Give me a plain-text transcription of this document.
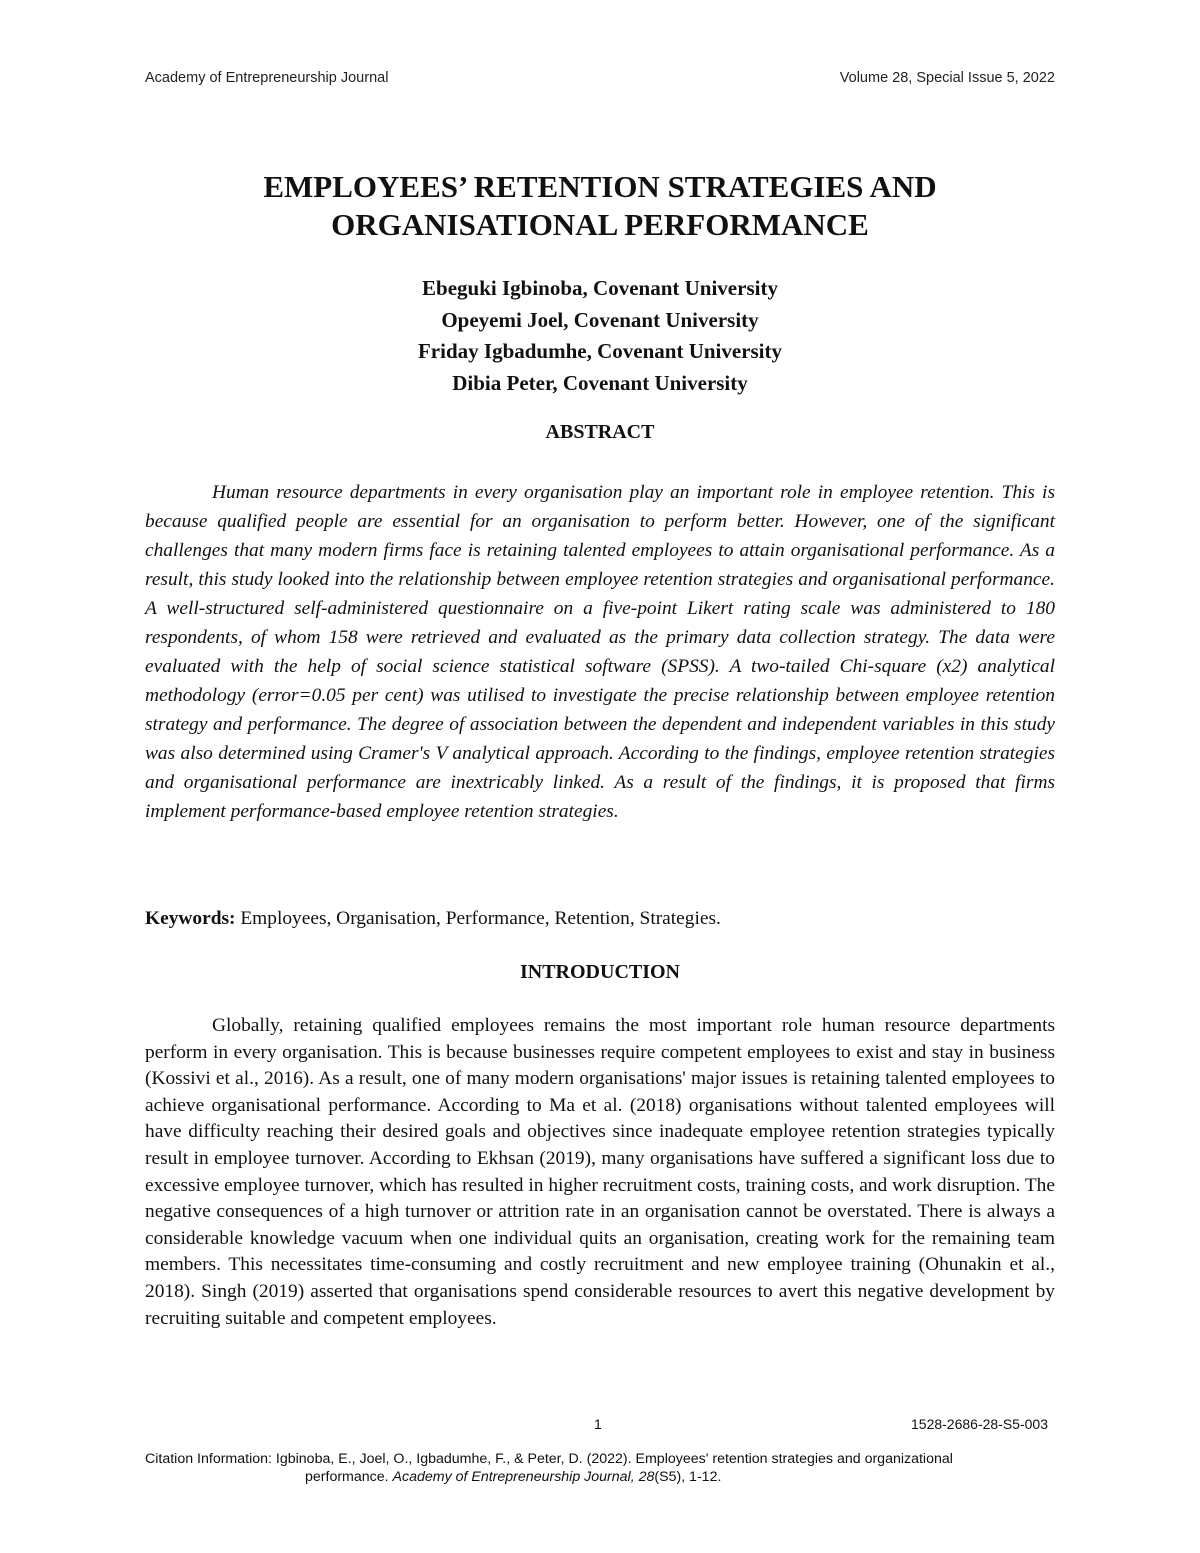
Academy of Entrepreneurship Journal	Volume 28, Special Issue 5, 2022
EMPLOYEES’ RETENTION STRATEGIES AND
ORGANISATIONAL PERFORMANCE
Ebeguki Igbinoba, Covenant University
Opeyemi Joel, Covenant University
Friday Igbadumhe, Covenant University
Dibia Peter, Covenant University
ABSTRACT

Human resource departments in every organisation play an important role in employee retention. This is because qualified people are essential for an organisation to perform better. However, one of the significant challenges that many modern firms face is retaining talented employees to attain organisational performance. As a result, this study looked into the relationship between employee retention strategies and organisational performance. A well-structured self-administered questionnaire on a five-point Likert rating scale was administered to 180 respondents, of whom 158 were retrieved and evaluated as the primary data collection strategy. The data were evaluated with the help of social science statistical software (SPSS). A two-tailed Chi-square (x2) analytical methodology (error=0.05 per cent) was utilised to investigate the precise relationship between employee retention strategy and performance. The degree of association between the dependent and independent variables in this study was also determined using Cramer's V analytical approach. According to the findings, employee retention strategies and organisational performance are inextricably linked. As a result of the findings, it is proposed that firms implement performance-based employee retention strategies.

Keywords: Employees, Organisation, Performance, Retention, Strategies.

INTRODUCTION

Globally, retaining qualified employees remains the most important role human resource departments perform in every organisation. This is because businesses require competent employees to exist and stay in business (Kossivi et al., 2016). As a result, one of many modern organisations' major issues is retaining talented employees to achieve organisational performance. According to Ma et al. (2018) organisations without talented employees will have difficulty reaching their desired goals and objectives since inadequate employee retention strategies typically result in employee turnover. According to Ekhsan (2019), many organisations have suffered a significant loss due to excessive employee turnover, which has resulted in higher recruitment costs, training costs, and work disruption. The negative consequences of a high turnover or attrition rate in an organisation cannot be overstated. There is always a considerable knowledge vacuum when one individual quits an organisation, creating work for the remaining team members. This necessitates time-consuming and costly recruitment and new employee training (Ohunakin et al., 2018). Singh (2019) asserted that organisations spend considerable resources to avert this negative development by recruiting suitable and competent employees.

1	1528-2686-28-S5-003

Citation Information: Igbinoba, E., Joel, O., Igbadumhe, F., & Peter, D. (2022). Employees' retention strategies and organizational
performance. Academy of Entrepreneurship Journal, 28(S5), 1-12.
